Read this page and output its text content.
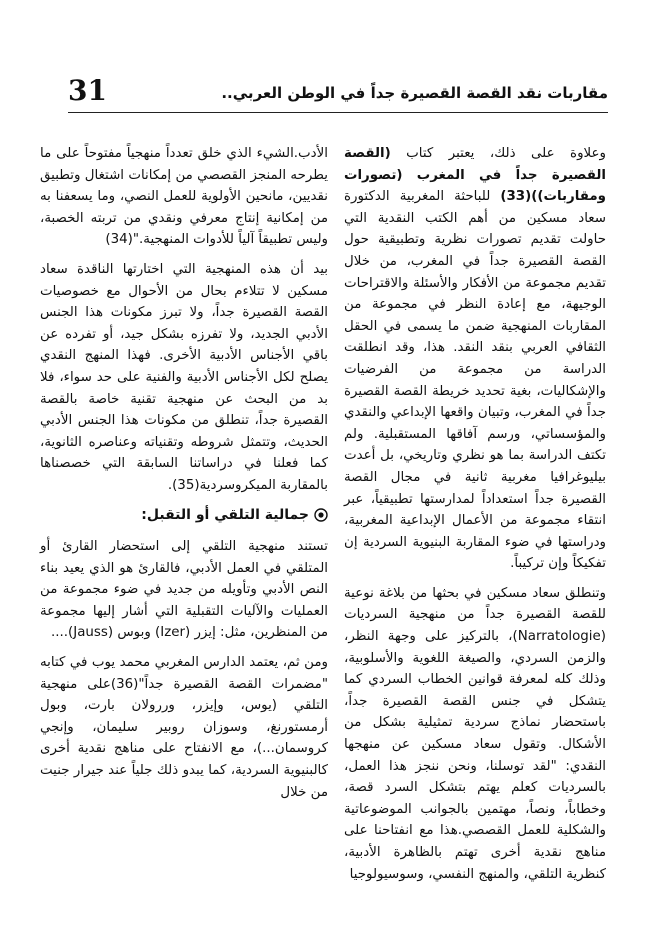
31	مقاربات نقد القصة القصيرة جداً في الوطن العربي..

وعلاوة على ذلك، يعتبر كتاب (القصة القصيرة جداً في المغرب (تصورات ومقاربات))(33) للباحثة المغربية الدكتورة سعاد مسكين من أهم الكتب النقدية التي حاولت تقديم تصورات نظرية وتطبيقية حول القصة القصيرة جداً في المغرب، من خلال تقديم مجموعة من الأفكار والأسئلة والاقتراحات الوجيهة، مع إعادة النظر في مجموعة من المقاربات المنهجية ضمن ما يسمى في الحقل الثقافي العربي بنقد النقد. هذا، وقد انطلقت الدراسة من مجموعة من الفرضيات والإشكاليات، بغية تحديد خريطة القصة القصيرة جداً في المغرب، وتبيان واقعها الإبداعي والنقدي والمؤسساتي، ورسم آفاقها المستقبلية. ولم تكتف الدراسة بما هو نظري وتاريخي، بل أعدت بيليوغرافيا مغربية ثانية في مجال القصة القصيرة جداً استعداداً لمدارستها تطبيقياً، عبر انتقاء مجموعة من الأعمال الإبداعية المغربية، ودراستها في ضوء المقاربة البنيوية السردية إن تفكيكاً وإن تركيباً.

وتنطلق سعاد مسكين في بحثها من بلاغة نوعية للقصة القصيرة جداً من منهجية السرديات (Narratologie)، بالتركيز على وجهة النظر، والزمن السردي، والصيغة اللغوية والأسلوبية، وذلك كله لمعرفة قوانين الخطاب السردي كما يتشكل في جنس القصة القصيرة جداً، باستحضار نماذج سردية تمثيلية بشكل من الأشكال. وتقول سعاد مسكين عن منهجها النقدي: "لقد توسلنا، ونحن ننجز هذا العمل، بالسرديات كعلم يهتم بتشكل السرد قصة، وخطاباً، ونصاً، مهتمين بالجوانب الموضوعاتية والشكلية للعمل القصصي.هذا مع انفتاحنا على مناهج نقدية أخرى تهتم بالظاهرة الأدبية، كنظرية التلقي، والمنهج النفسي، وسوسيولوجيا

الأدب.الشيء الذي خلق تعدداً منهجياً مفتوحاً على ما يطرحه المنجز القصصي من إمكانات اشتغال وتطبيق نقديين، مانحين الأولوية للعمل النصي، وما يسعفنا به من إمكانية إنتاج معرفي ونقدي من تربته الخصبة، وليس تطبيقاً آلياً للأدوات المنهجية."(34)

بيد أن هذه المنهجية التي اختارتها الناقدة سعاد مسكين لا تتلاءم بحال من الأحوال مع خصوصيات القصة القصيرة جداً، ولا تبرز مكونات هذا الجنس الأدبي الجديد، ولا تفرزه بشكل جيد، أو تفرده عن باقي الأجناس الأدبية الأخرى. فهذا المنهج النقدي يصلح لكل الأجناس الأدبية والفنية على حد سواء، فلا بد من البحث عن منهجية تقنية خاصة بالقصة القصيرة جداً، تنطلق من مكونات هذا الجنس الأدبي الحديث، وتتمثل شروطه وتقنياته وعناصره الثانوية، كما فعلنا في دراساتنا السابقة التي خصصناها بالمقاربة الميكروسردية(35).

جمالية التلقي أو التقبل:

تستند منهجية التلقي إلى استحضار القارئ أو المتلقي في العمل الأدبي، فالقارئ هو الذي يعيد بناء النص الأدبي وتأويله من جديد في ضوء مجموعة من العمليات والآليات التقبلية التي أشار إليها مجموعة من المنظرين، مثل: إيزر (Izer) وبوس (Jauss)....

ومن ثم، يعتمد الدارس المغربي محمد يوب في كتابه "مضمرات القصة القصيرة جداً"(36)على منهجية التلقي (يوس، وإيزر، وررولان بارت، وبول أرمستورنغ، وسوزان روبير سليمان، وإنجي كروسمان...)، مع الانفتاح على مناهج نقدية أخرى كالبنيوية السردية، كما يبدو ذلك جلياً عند جيرار جنيت من خلال
